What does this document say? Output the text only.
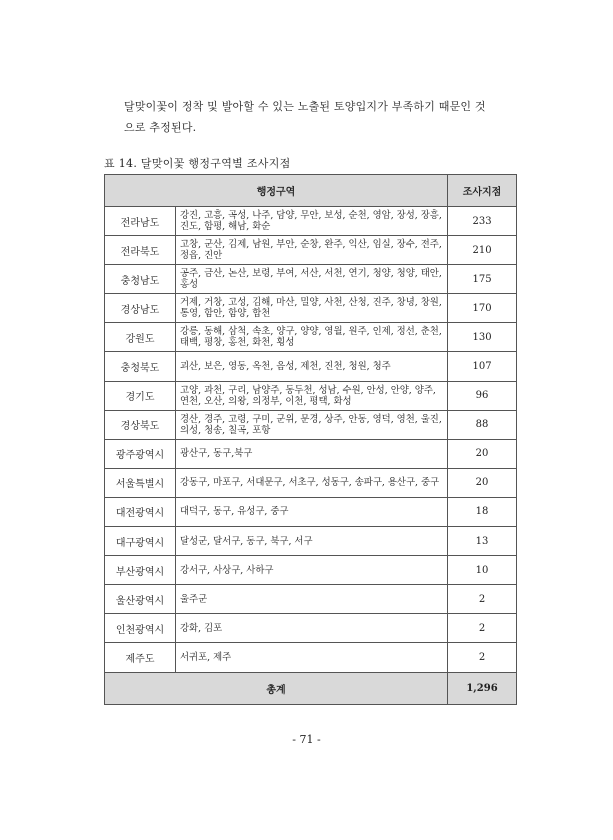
달맞이꽃이 정착 및 발아할 수 있는 노출된 토양입지가 부족하기 때문인 것
으로 추정된다.
표 14. 달맞이꽃 행정구역별 조사지점
행정구역		조사지점
전라남도	강진, 고흥, 곡성, 나주, 담양, 무안, 보성, 순천, 영암, 장성, 장흥, 진도, 함평, 해남, 화순	233
전라북도	고창, 군산, 김제, 남원, 부안, 순창, 완주, 익산, 임실, 장수, 전주, 정읍, 진안	210
충청남도	공주, 금산, 논산, 보령, 부여, 서산, 서천, 연기, 청양, 청양, 태안, 홍성	175
경상남도	거제, 거창, 고성, 김해, 마산, 밀양, 사천, 산청, 진주, 창녕, 창원, 통영, 함안, 함양, 합천	170
강원도	강릉, 동해, 삼척, 속초, 양구, 양양, 영월, 원주, 인제, 정선, 춘천, 태백, 평창, 홍천, 화천, 횡성	130
충청북도	괴산, 보은, 영동, 옥천, 음성, 제천, 진천, 청원, 청주	107
경기도	고양, 과천, 구리, 남양주, 동두천, 성남, 수원, 안성, 안양, 양주, 연천, 오산, 의왕, 의정부, 이천, 평택, 화성	96
경상북도	경산, 경주, 고령, 구미, 군위, 문경, 상주, 안동, 영덕, 영천, 울진, 의성, 청송, 칠곡, 포항	88
광주광역시	광산구, 동구,북구	20
서울특별시	강동구, 마포구, 서대문구, 서초구, 성동구, 송파구, 용산구, 중구	20
대전광역시	대덕구, 동구, 유성구, 중구	18
대구광역시	달성군, 달서구, 동구, 북구, 서구	13
부산광역시	강서구, 사상구, 사하구	10
울산광역시	울주군	2
인천광역시	강화, 김포	2
제주도	서귀포, 제주	2
총계		1,296
- 71 -
